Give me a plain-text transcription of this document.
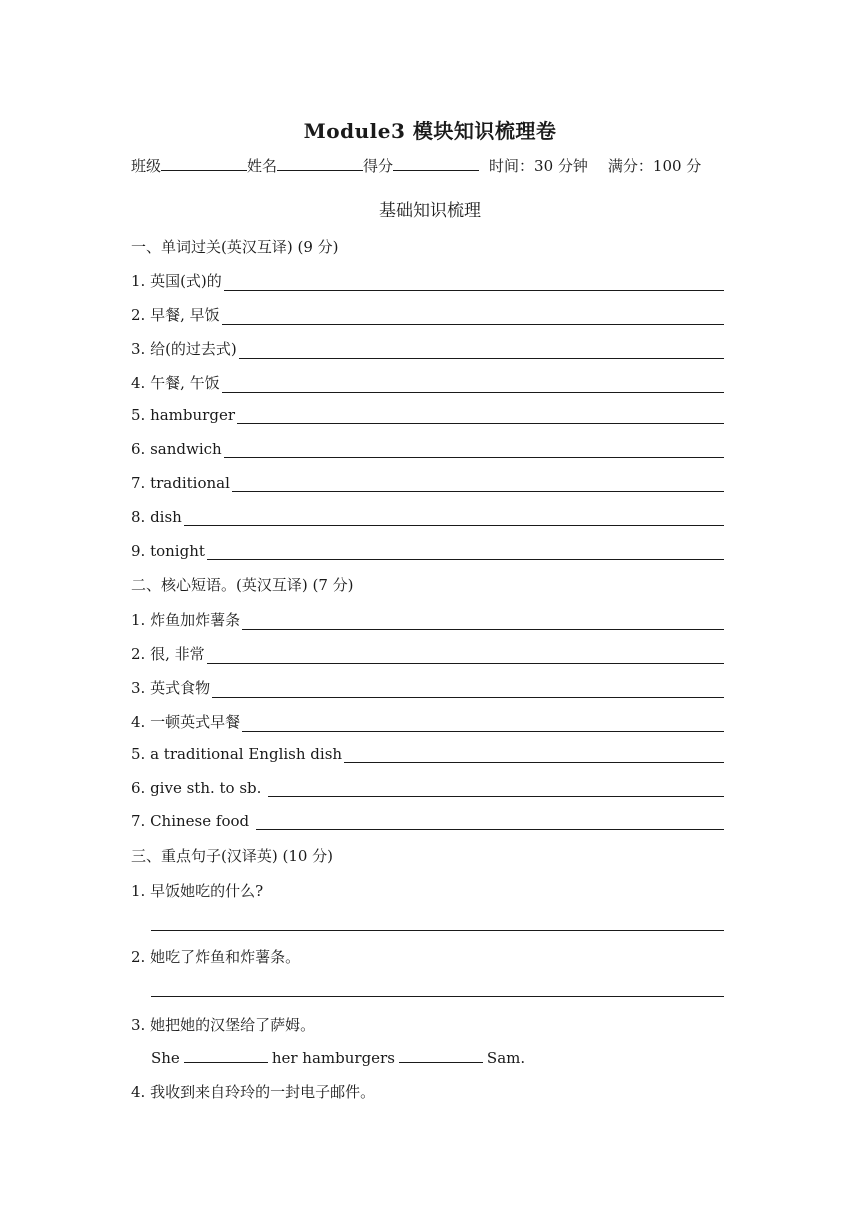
Module3 模块知识梳理卷
班级	姓名	得分	时间：30 分钟 满分：100 分
基础知识梳理
一、单词过关(英汉互译) (9 分)
1. 英国(式)的
2. 早餐, 早饭
3. 给(的过去式)
4. 午餐, 午饭
5. hamburger
6. sandwich
7. traditional
8. dish
9. tonight
二、核心短语。(英汉互译) (7 分)
1. 炸鱼加炸薯条
2. 很, 非常
3. 英式食物
4. 一顿英式早餐
5. a traditional English dish
6. give sth. to sb.
7. Chinese food
三、重点句子(汉译英) (10 分)
1. 早饭她吃的什么?
2. 她吃了炸鱼和炸薯条。
3. 她把她的汉堡给了萨姆。
She	her hamburgers	Sam.
4. 我收到来自玲玲的一封电子邮件。
